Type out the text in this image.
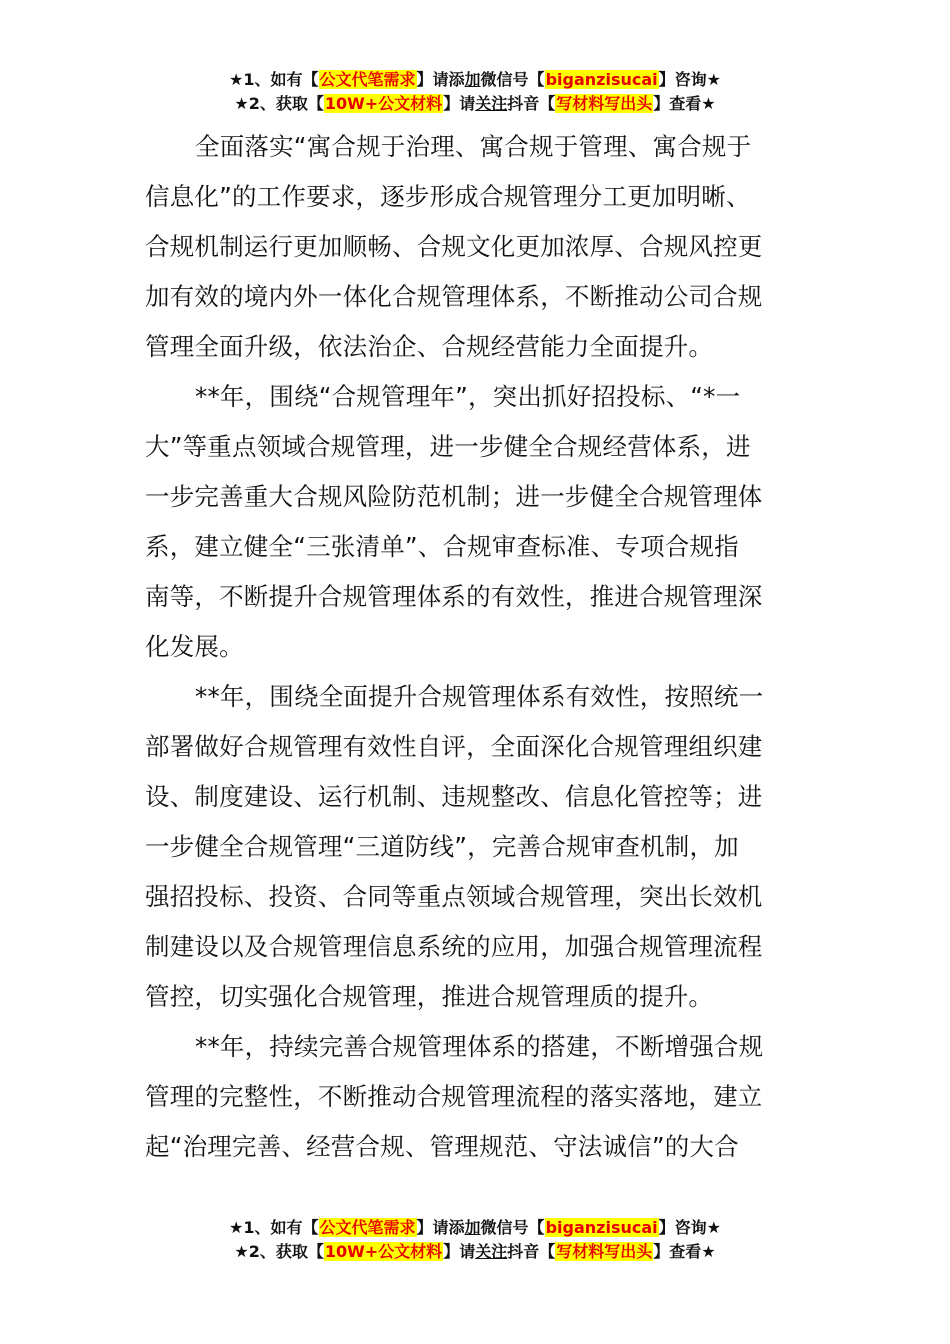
★1、如有【公文代笔需求】请添加微信号【biganzisucai】咨询★
★2、获取【10W+公文材料】请关注抖音【写材料写出头】查看★
全面落实“寓合规于治理、寓合规于管理、寓合规于
信息化”的工作要求，逐步形成合规管理分工更加明晰、
合规机制运行更加顺畅、合规文化更加浓厚、合规风控更
加有效的境内外一体化合规管理体系，不断推动公司合规
管理全面升级，依法治企、合规经营能力全面提升。
**年，围绕“合规管理年”，突出抓好招投标、“*一
大”等重点领域合规管理，进一步健全合规经营体系，进
一步完善重大合规风险防范机制；进一步健全合规管理体
系，建立健全“三张清单”、合规审查标准、专项合规指
南等，不断提升合规管理体系的有效性，推进合规管理深
化发展。
**年，围绕全面提升合规管理体系有效性，按照统一
部署做好合规管理有效性自评，全面深化合规管理组织建
设、制度建设、运行机制、违规整改、信息化管控等；进
一步健全合规管理“三道防线”，完善合规审查机制，加
强招投标、投资、合同等重点领域合规管理，突出长效机
制建设以及合规管理信息系统的应用，加强合规管理流程
管控，切实强化合规管理，推进合规管理质的提升。
**年，持续完善合规管理体系的搭建，不断增强合规
管理的完整性，不断推动合规管理流程的落实落地，建立
起“治理完善、经营合规、管理规范、守法诚信”的大合
★1、如有【公文代笔需求】请添加微信号【biganzisucai】咨询★
★2、获取【10W+公文材料】请关注抖音【写材料写出头】查看★
